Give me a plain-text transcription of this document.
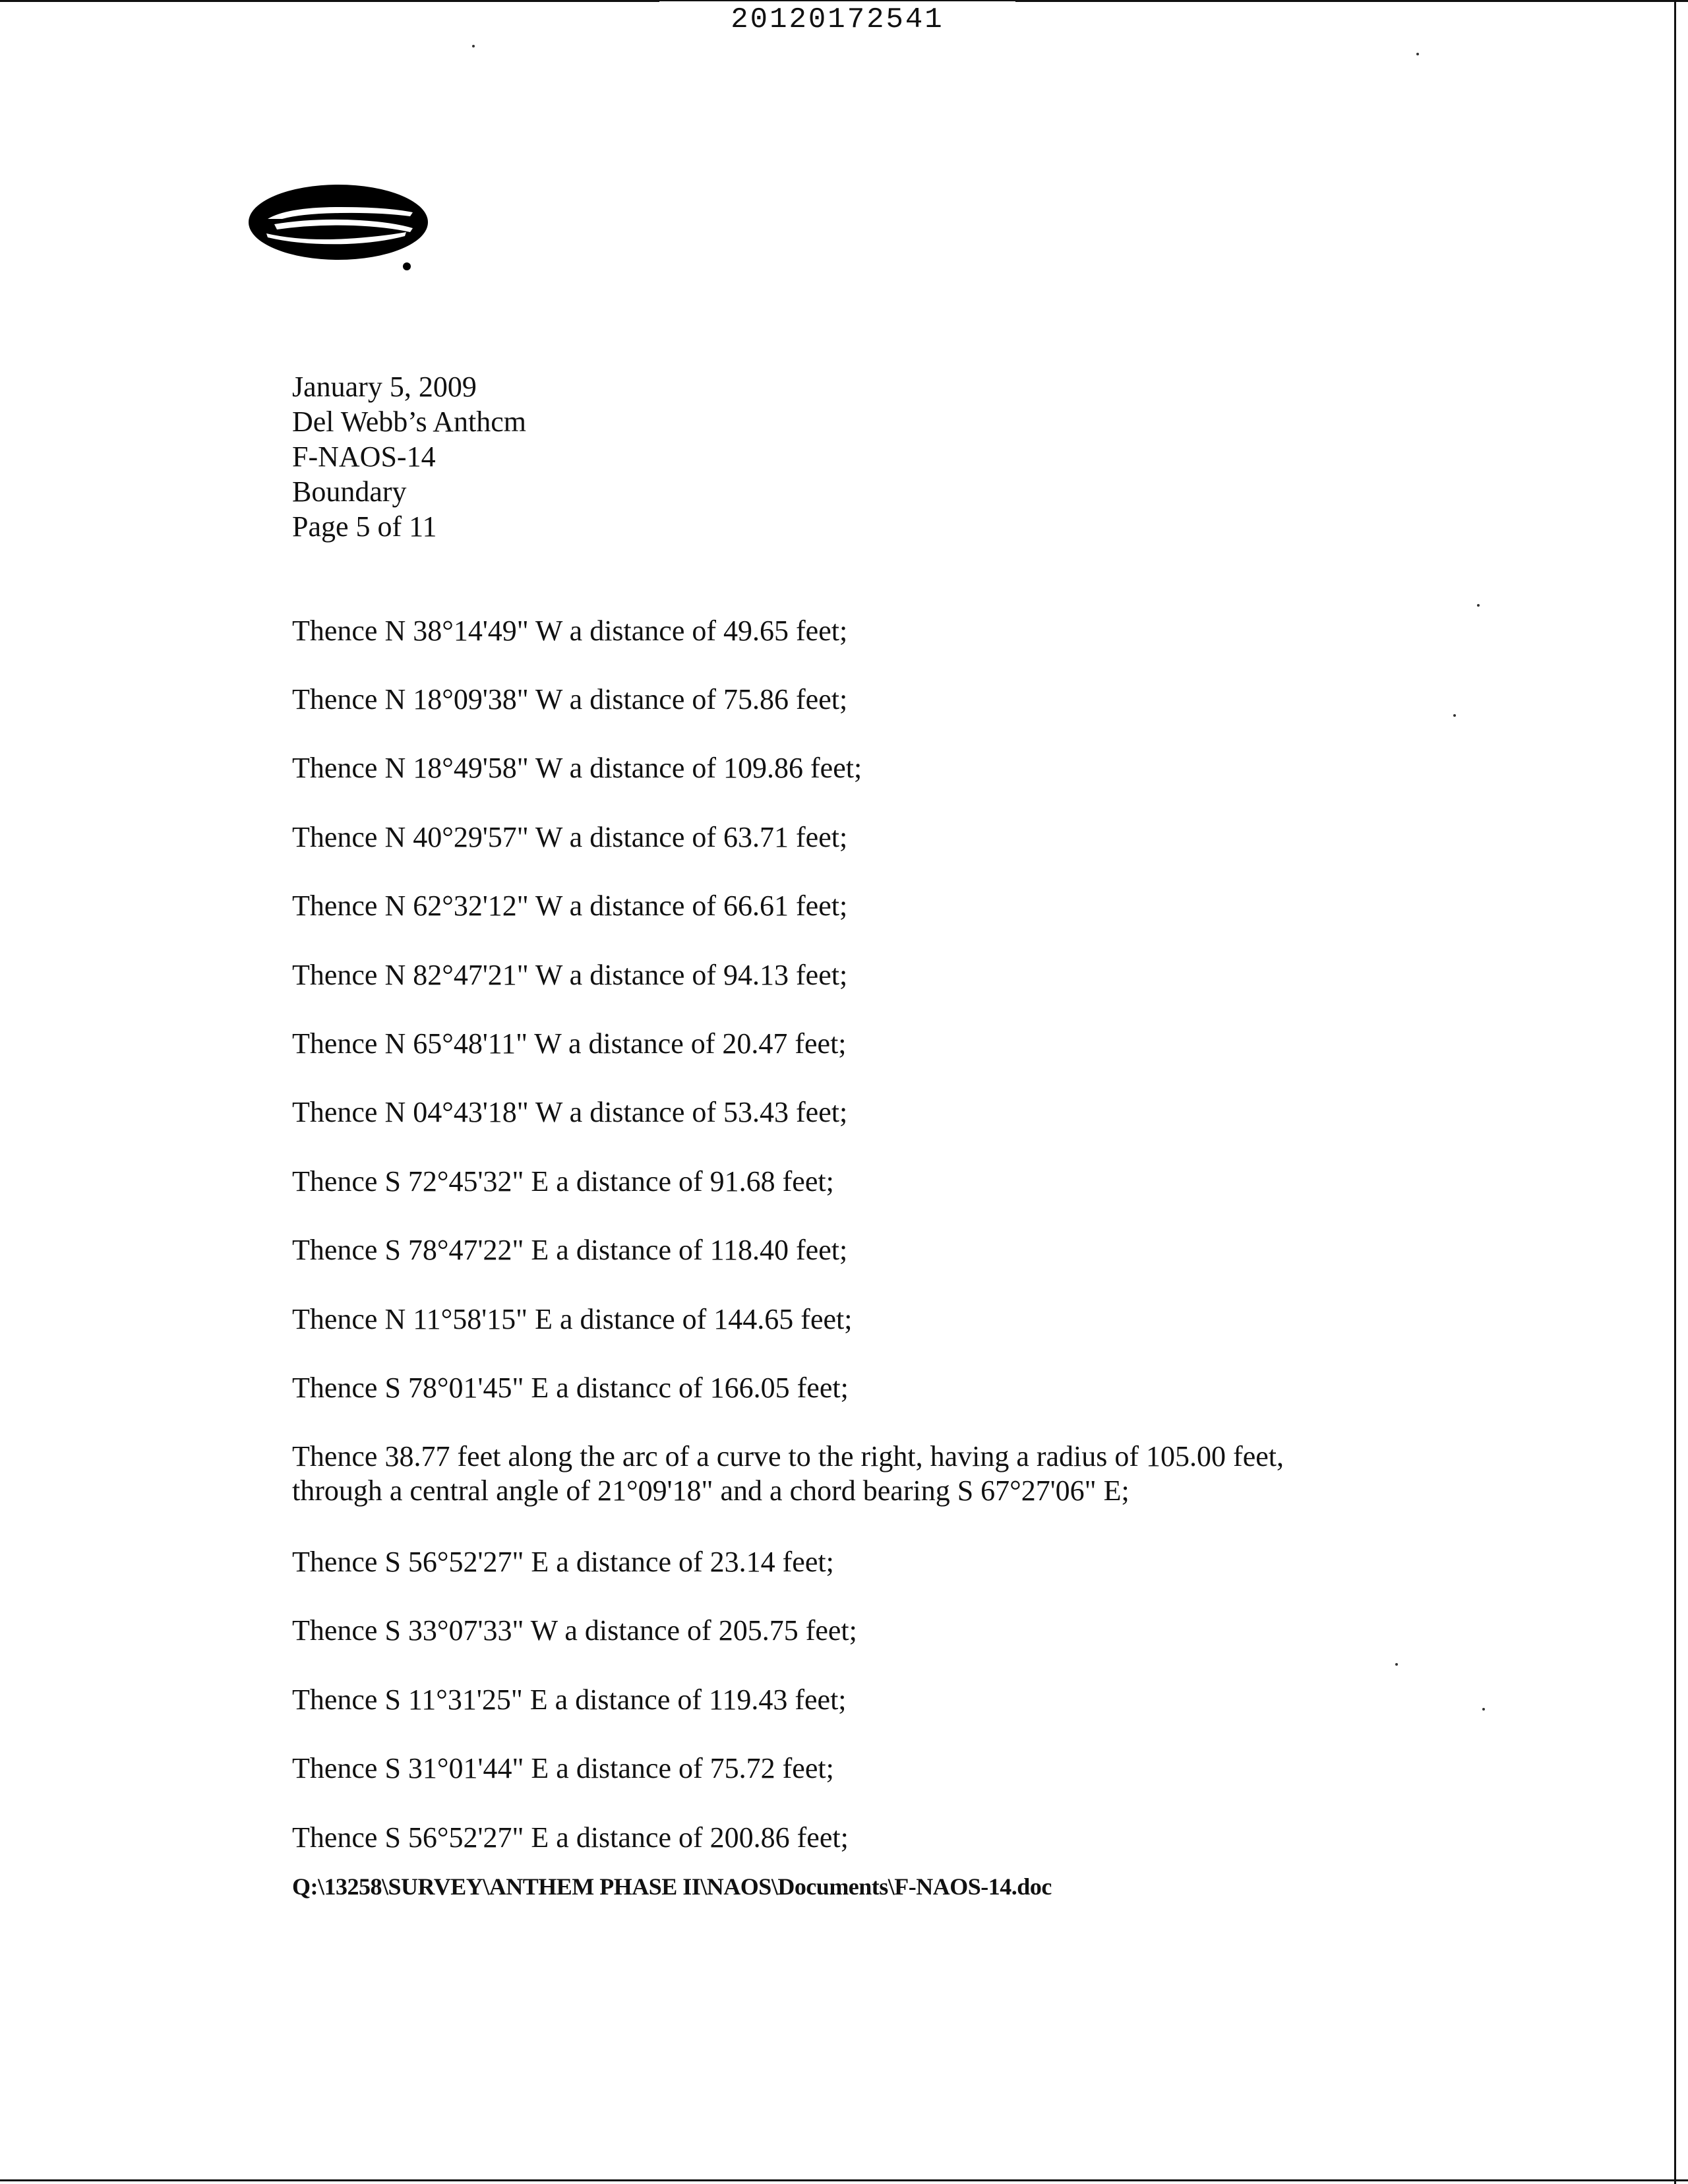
20120172541
January 5, 2009
Del Webb’s Anthcm
F-NAOS-14
Boundary
Page 5 of 11
Thence N 38°14'49" W a distance of 49.65 feet;
Thence N 18°09'38" W a distance of 75.86 feet;
Thence N 18°49'58" W a distance of 109.86 feet;
Thence N 40°29'57" W a distance of 63.71 feet;
Thence N 62°32'12" W a distance of 66.61 feet;
Thence N 82°47'21" W a distance of 94.13 feet;
Thence N 65°48'11" W a distance of 20.47 feet;
Thence N 04°43'18" W a distance of 53.43 feet;
Thence S 72°45'32" E a distance of 91.68 feet;
Thence S 78°47'22" E a distance of 118.40 feet;
Thence N 11°58'15" E a distance of 144.65 feet;
Thence S 78°01'45" E a distancc of 166.05 feet;
Thence 38.77 feet along the arc of a curve to the right, having a radius of 105.00 feet,
through a central angle of 21°09'18" and a chord bearing S 67°27'06" E;
Thence S 56°52'27" E a distance of 23.14 feet;
Thence S 33°07'33" W a distance of 205.75 feet;
Thence S 11°31'25" E a distance of 119.43 feet;
Thence S 31°01'44" E a distance of 75.72 feet;
Thence S 56°52'27" E a distance of 200.86 feet;
Q:\13258\SURVEY\ANTHEM PHASE II\NAOS\Documents\F-NAOS-14.doc
